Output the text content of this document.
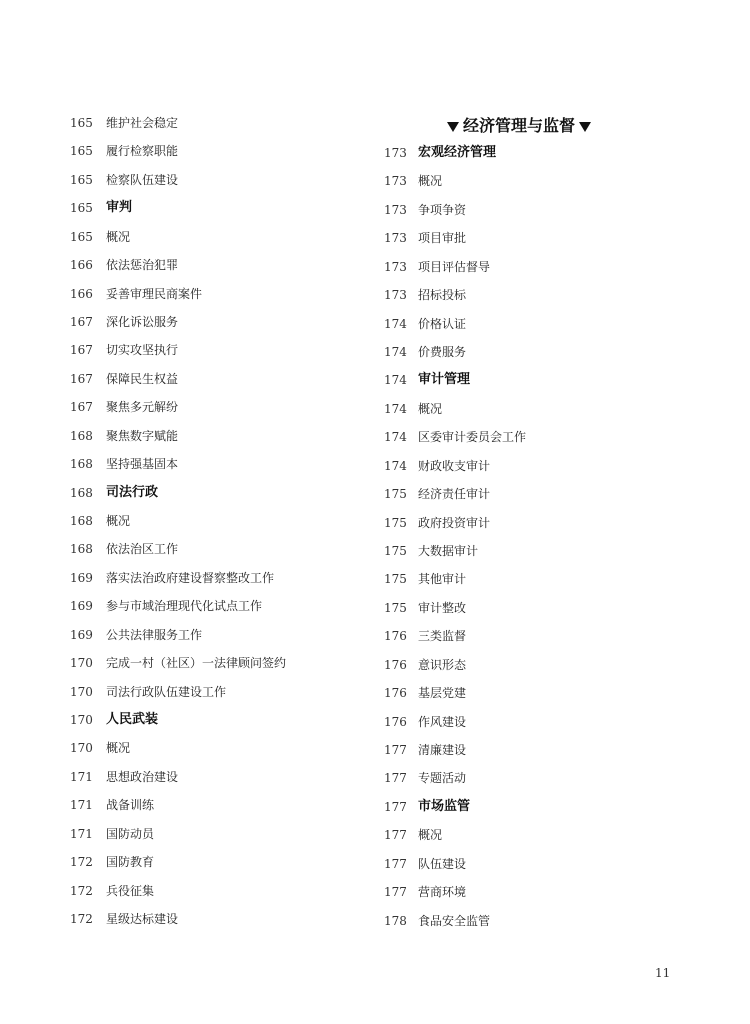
165 维护社会稳定
165 履行检察职能
165 检察队伍建设
165 审判
165 概况
166 依法惩治犯罪
166 妥善审理民商案件
167 深化诉讼服务
167 切实攻坚执行
167 保障民生权益
167 聚焦多元解纷
168 聚焦数字赋能
168 坚持强基固本
168 司法行政
168 概况
168 依法治区工作
169 落实法治政府建设督察整改工作
169 参与市域治理现代化试点工作
169 公共法律服务工作
170 完成一村（社区）一法律顾问签约
170 司法行政队伍建设工作
170 人民武装
170 概况
171 思想政治建设
171 战备训练
171 国防动员
172 国防教育
172 兵役征集
172 星级达标建设
经济管理与监督
173 宏观经济管理
173 概况
173 争项争资
173 项目审批
173 项目评估督导
173 招标投标
174 价格认证
174 价费服务
174 审计管理
174 概况
174 区委审计委员会工作
174 财政收支审计
175 经济责任审计
175 政府投资审计
175 大数据审计
175 其他审计
175 审计整改
176 三类监督
176 意识形态
176 基层党建
176 作风建设
177 清廉建设
177 专题活动
177 市场监管
177 概况
177 队伍建设
177 营商环境
178 食品安全监管
11
